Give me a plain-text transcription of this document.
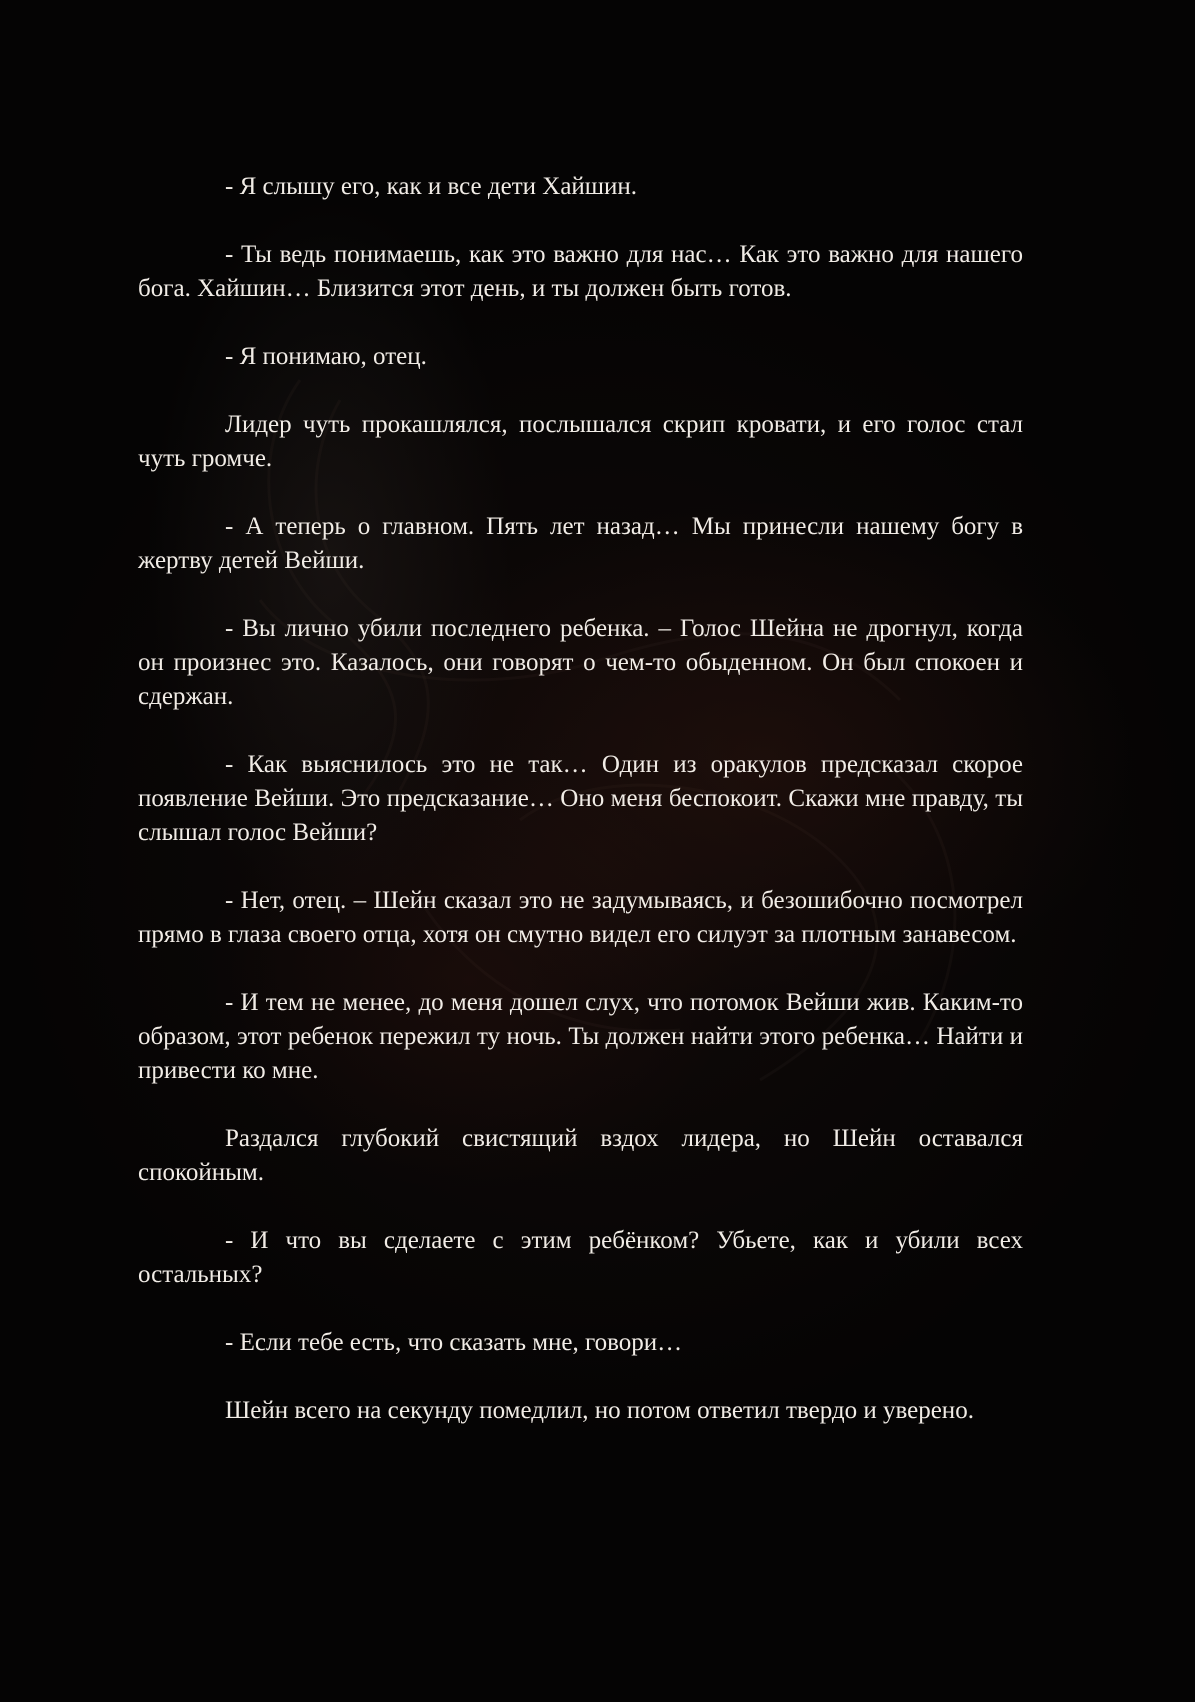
- Я слышу его, как и все дети Хайшин.

- Ты ведь понимаешь, как это важно для нас… Как это важно для нашего бога. Хайшин… Близится этот день, и ты должен быть готов.

- Я понимаю, отец.

Лидер чуть прокашлялся, послышался скрип кровати, и его голос стал чуть громче.

- А теперь о главном. Пять лет назад… Мы принесли нашему богу в жертву детей Вейши.

- Вы лично убили последнего ребенка. – Голос Шейна не дрогнул, когда он произнес это. Казалось, они говорят о чем-то обыденном. Он был спокоен и сдержан.

- Как выяснилось это не так… Один из оракулов предсказал скорое появление Вейши. Это предсказание… Оно меня беспокоит. Скажи мне правду, ты слышал голос Вейши?

- Нет, отец. – Шейн сказал это не задумываясь, и безошибочно посмотрел прямо в глаза своего отца, хотя он смутно видел его силуэт за плотным занавесом.

- И тем не менее, до меня дошел слух, что потомок Вейши жив. Каким-то образом, этот ребенок пережил ту ночь. Ты должен найти этого ребенка… Найти и привести ко мне.

Раздался глубокий свистящий вздох лидера, но Шейн оставался спокойным.

- И что вы сделаете с этим ребёнком? Убьете, как и убили всех остальных?

- Если тебе есть, что сказать мне, говори…

Шейн всего на секунду помедлил, но потом ответил твердо и уверено.
